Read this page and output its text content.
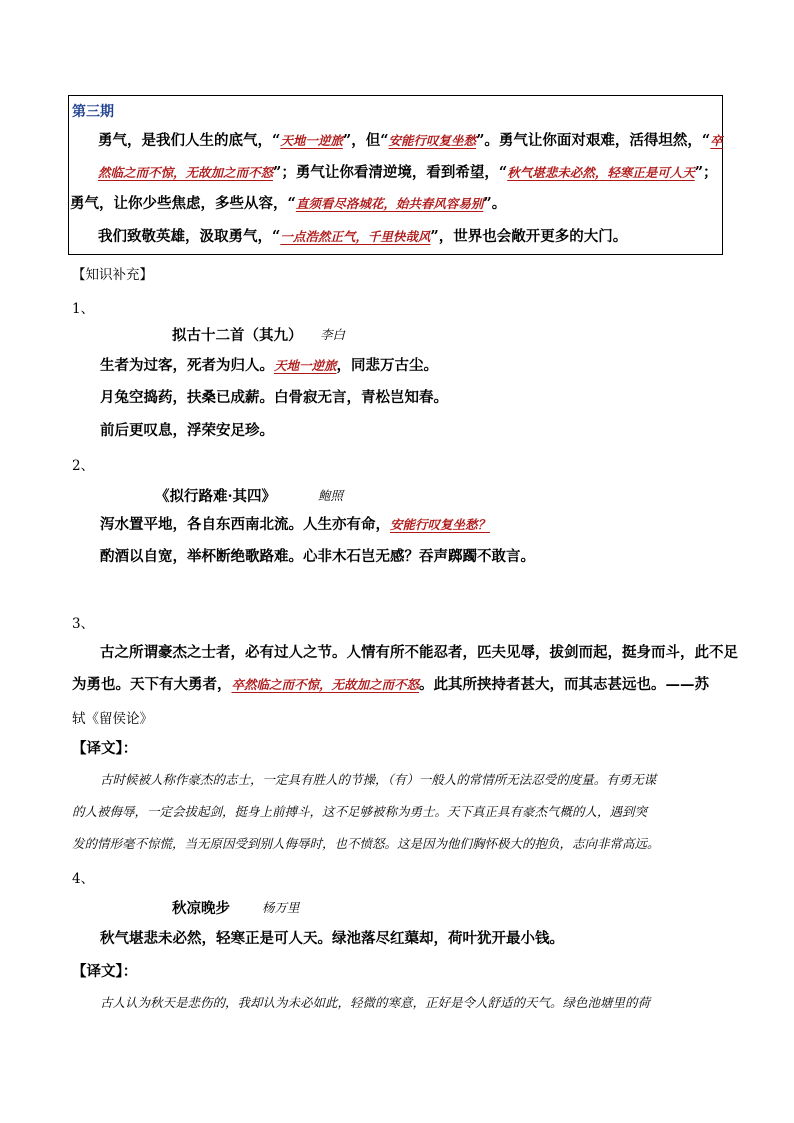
第三期
勇气，是我们人生的底气，“天地一逆旅”，但“安能行叹复坐愁”。勇气让你面对艰难，活得坦然，“卒
然临之而不惊，无故加之而不怒”；勇气让你看清逆境，看到希望，“秋气堪悲未必然，轻寒正是可人天”；
勇气，让你少些焦虑，多些从容，“直须看尽洛城花，始共春风容易别”。
我们致敬英雄，汲取勇气，“一点浩然正气，千里快哉风”，世界也会敞开更多的大门。
【知识补充】
1、
拟古十二首（其九） 李白
生者为过客，死者为归人。天地一逆旅，同悲万古尘。
月兔空捣药，扶桑已成薪。白骨寂无言，青松岂知春。
前后更叹息，浮荣安足珍。
2、
《拟行路难·其四》	鲍照
泻水置平地，各自东西南北流。人生亦有命，安能行叹复坐愁？
酌酒以自宽，举杯断绝歌路难。心非木石岂无感？吞声踯躅不敢言。
3、
古之所谓豪杰之士者，必有过人之节。人情有所不能忍者，匹夫见辱，拔剑而起，挺身而斗，此不足
为勇也。天下有大勇者，卒然临之而不惊，无故加之而不怒。此其所挟持者甚大，而其志甚远也。——苏
轼《留侯论》
【译文】：
古时候被人称作豪杰的志士，一定具有胜人的节操，（有）一般人的常情所无法忍受的度量。有勇无谋
的人被侮辱，一定会拔起剑，挺身上前搏斗，这不足够被称为勇士。天下真正具有豪杰气概的人，遇到突
发的情形毫不惊慌，当无原因受到别人侮辱时，也不愤怒。这是因为他们胸怀极大的抱负，志向非常高远。
4、
秋凉晚步	杨万里
秋气堪悲未必然，轻寒正是可人天。绿池落尽红蕖却，荷叶犹开最小钱。
【译文】：
古人认为秋天是悲伤的，我却认为未必如此，轻微的寒意，正好是令人舒适的天气。绿色池塘里的荷
